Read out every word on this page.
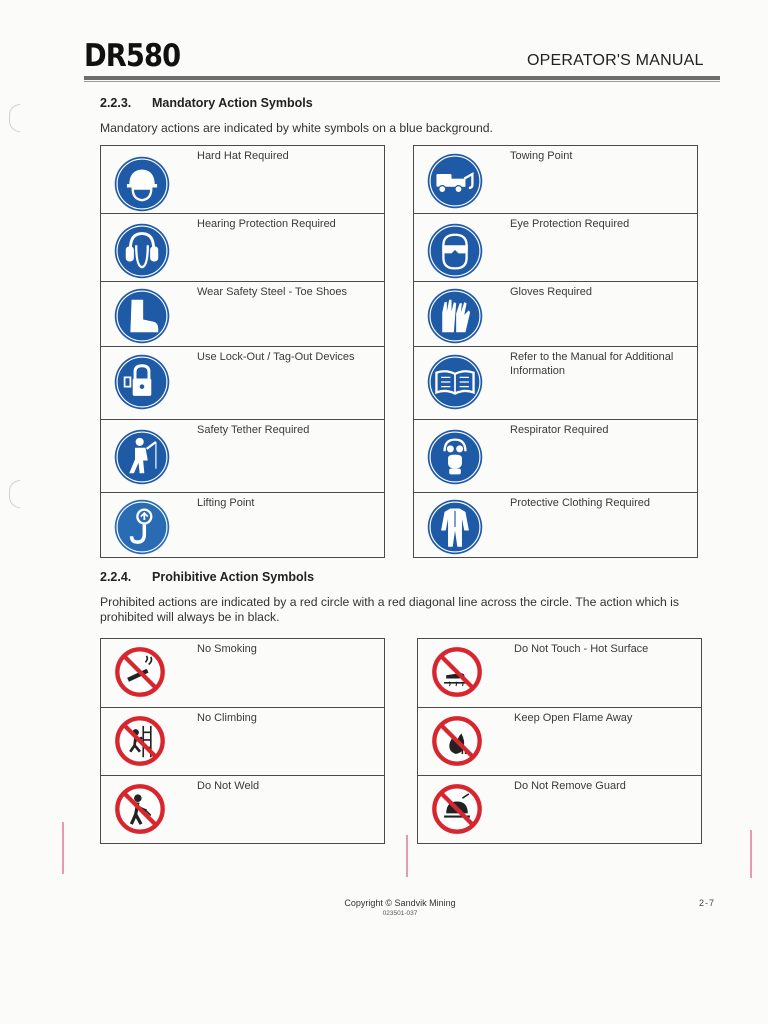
DR580	OPERATOR'S MANUAL
2.2.3. Mandatory Action Symbols
Mandatory actions are indicated by white symbols on a blue background.
Hard Hat Required

Hearing Protection Required

Wear Safety Steel - Toe Shoes

Use Lock-Out / Tag-Out Devices

Safety Tether Required

Lifting Point
Towing Point

Eye Protection Required

Gloves Required

Refer to the Manual for Additional Information

Respirator Required

Protective Clothing Required
2.2.4. Prohibitive Action Symbols
Prohibited actions are indicated by a red circle with a red diagonal line across the circle. The action which is prohibited will always be in black.
No Smoking

No Climbing

Do Not Weld
Do Not Touch - Hot Surface

Keep Open Flame Away

Do Not Remove Guard
Copyright © Sandvik Mining
023501-037
2-7
